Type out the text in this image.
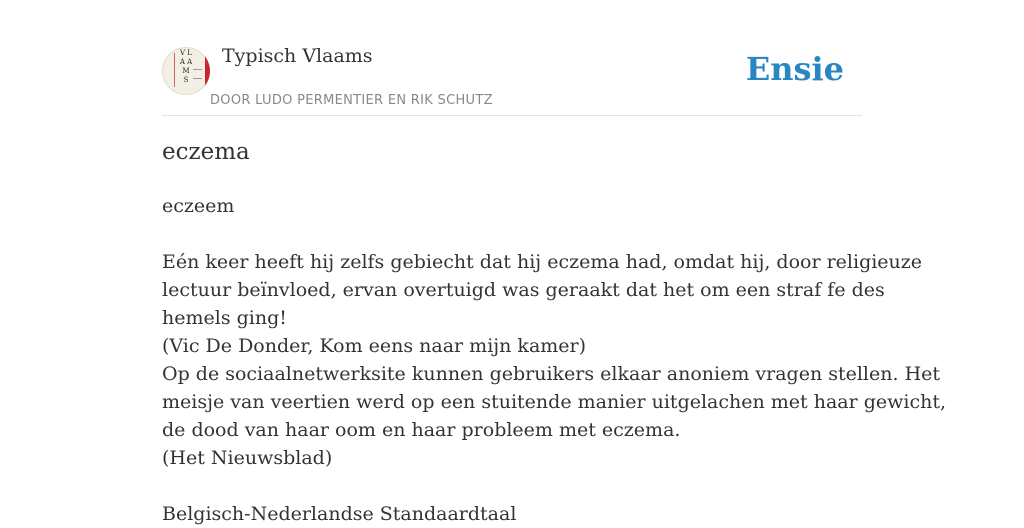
V L A A M S
Typisch Vlaams
DOOR LUDO PERMENTIER EN RIK SCHUTZ
Ensie
eczema
eczeem
Eén keer heeft hij zelfs gebiecht dat hij eczema had, omdat hij, door religieuze
lectuur beïnvloed, ervan overtuigd was geraakt dat het om een straf fe des
hemels ging!
(Vic De Donder, Kom eens naar mijn kamer)
Op de sociaalnetwerksite kunnen gebruikers elkaar anoniem vragen stellen. Het
meisje van veertien werd op een stuitende manier uitgelachen met haar gewicht,
de dood van haar oom en haar probleem met eczema.
(Het Nieuwsblad)
Belgisch-Nederlandse Standaardtaal
